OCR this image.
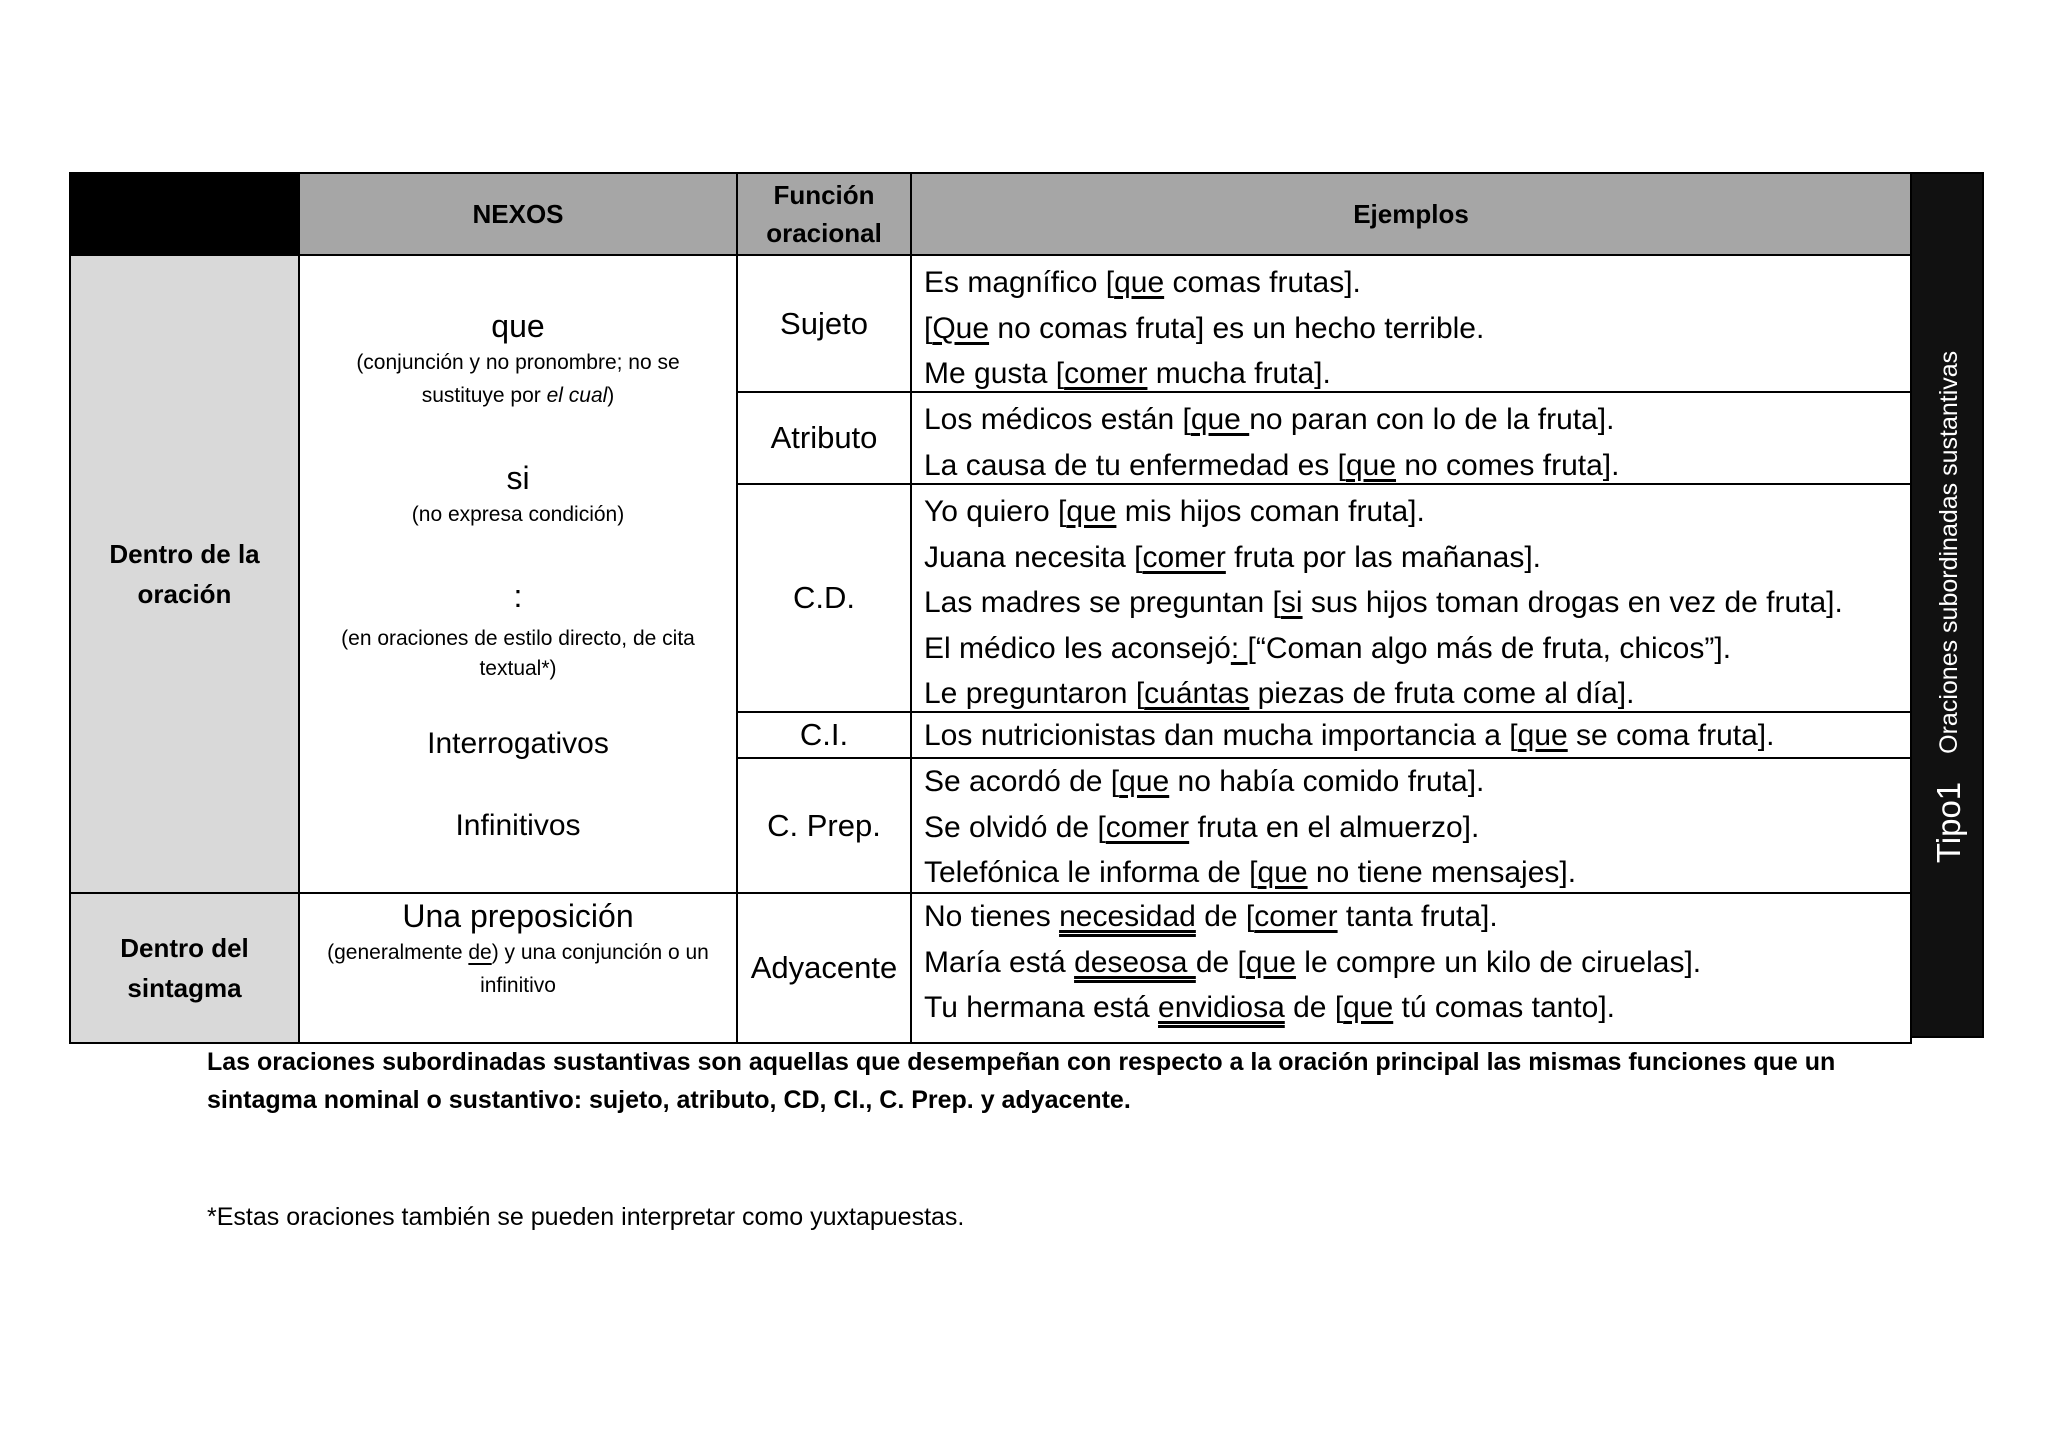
NEXOS
Función
oracional
Ejemplos
Tipo1
Oraciones subordinadas sustantivas
Dentro de la
oración
que
(conjunción y no pronombre; no se
sustituye por el cual)
si
(no expresa condición)
:
(en oraciones de estilo directo, de cita
textual*)
Interrogativos
Infinitivos
Sujeto
Atributo
C.D.
C.I.
C. Prep.
Es magnífico [que comas frutas].
[Que no comas fruta] es un hecho terrible.
Me gusta [comer mucha fruta].
Los médicos están [que no paran con lo de la fruta].
La causa de tu enfermedad es [que no comes fruta].
Yo quiero [que mis hijos coman fruta].
Juana necesita [comer fruta por las mañanas].
Las madres se preguntan [si sus hijos toman drogas en vez de fruta].
El médico les aconsejó: [“Coman algo más de fruta, chicos”].
Le preguntaron [cuántas piezas de fruta come al día].
Los nutricionistas dan mucha importancia a [que se coma fruta].
Se acordó de [que no había comido fruta].
Se olvidó de [comer fruta en el almuerzo].
Telefónica le informa de [que no tiene mensajes].
Dentro del
sintagma
Una preposición
(generalmente de) y una conjunción o un
infinitivo
Adyacente
No tienes necesidad de [comer tanta fruta].
María está deseosa de [que le compre un kilo de ciruelas].
Tu hermana está envidiosa de [que tú comas tanto].
Las oraciones subordinadas sustantivas son aquellas que desempeñan con respecto a la oración principal las mismas funciones que un
sintagma nominal o sustantivo: sujeto, atributo, CD, CI., C. Prep. y adyacente.
*Estas oraciones también se pueden interpretar como yuxtapuestas.
